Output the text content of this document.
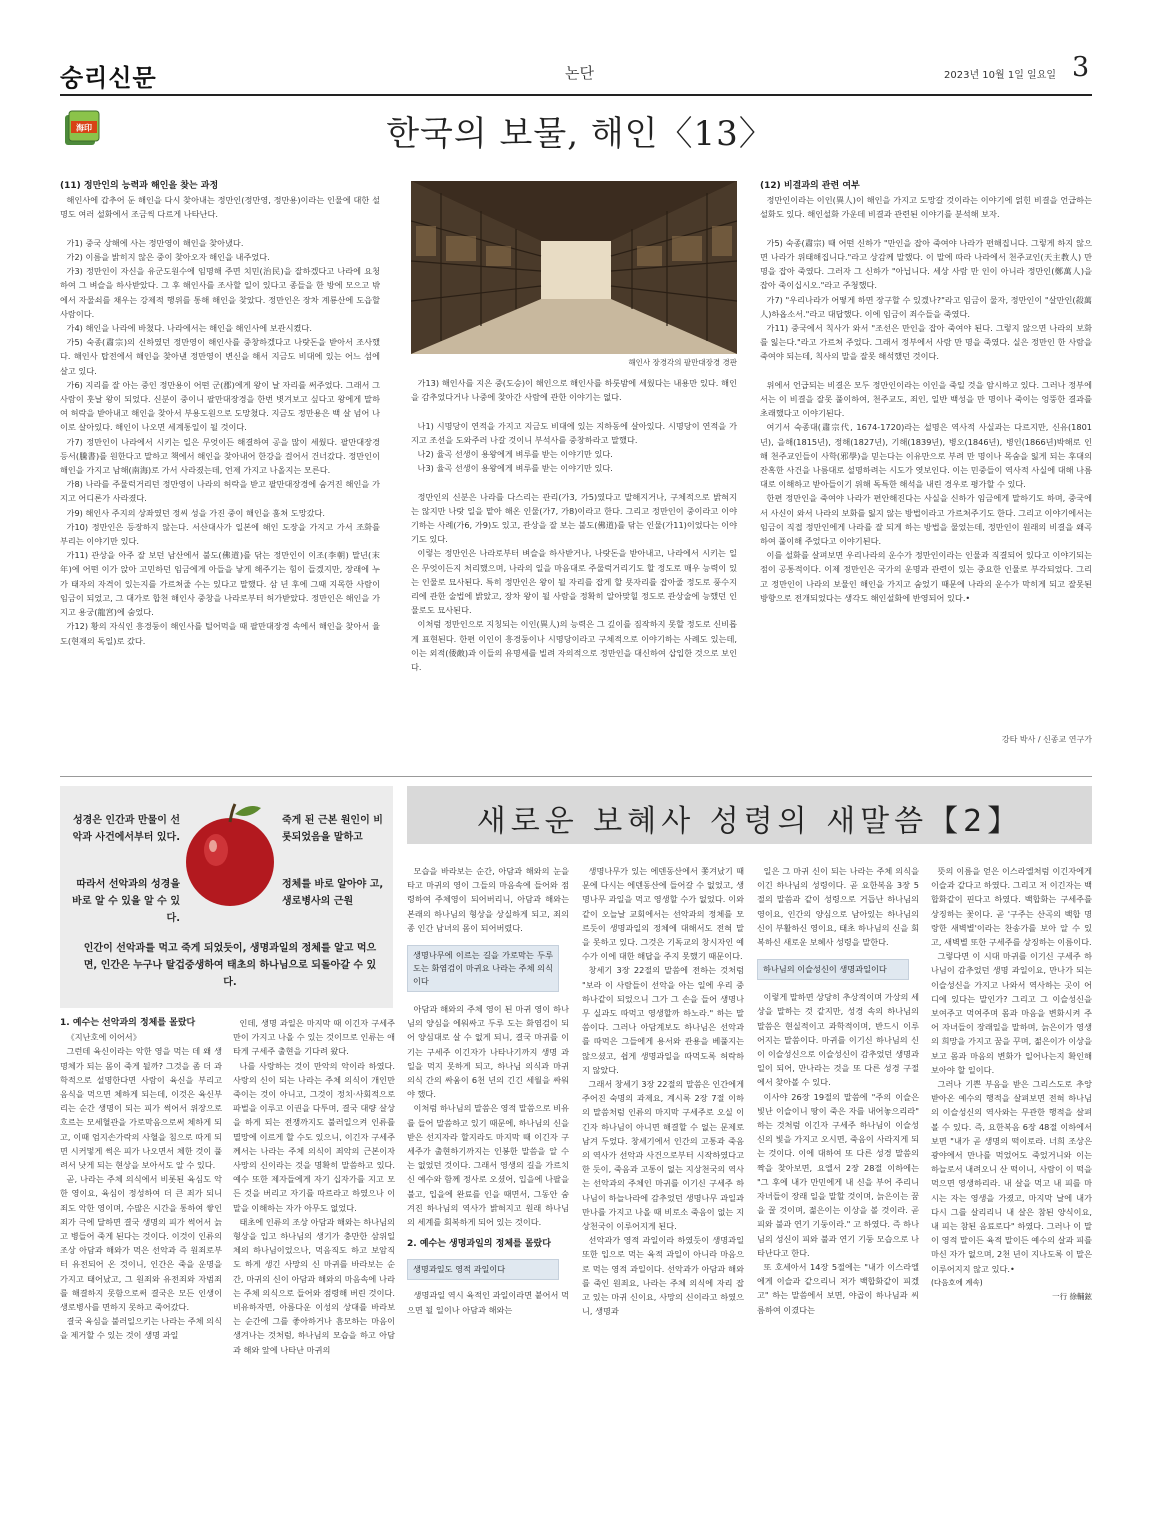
숭리신문	논단	2023년 10월 1일 일요일 3
海印	한국의 보물, 해인〈13〉

(11) 정만인의 능력과 해인을 찾는 과정

해인사에 갑추어 둔 해인을 다시 찾아내는 정만인(정만영, 정만용)이라는 인물에 대한 설명도 여러 설화에서 조금씩 다르게 나타난다.

가1) 중국 상해에 사는 정만영이 해인을 찾아냈다.

가2) 이름을 밝히지 않은 중이 찾아오자 해인을 내주었다.

가3) 정만인이 자신을 유군도원수에 임명해 주면 치민(治民)을 잘하겠다고 나라에 요청하여 그 벼슬을 하사받았다. 그 후 해인사를 조사할 일이 있다고 종들을 한 방에 모으고 밖에서 자물쇠를 채우는 강제적 행위를 통해 해인을 찾았다. 정만인은 장차 계룡산에 도읍할 사람이다.

가4) 해인을 나라에 바쳤다. 나라에서는 해인을 해인사에 보관시켰다.

가5) 숙종(肅宗)의 신하였던 정만영이 해인사를 중창하겠다고 나랏돈을 받아서 조사했다. 해인사 탑전에서 해인을 찾아낸 정만영이 변신을 해서 지금도 비대에 있는 어느 섬에 살고 있다.

가6) 지리를 잘 아는 중인 정만용이 어떤 군(郡)에게 왕이 날 자리를 써주었다. 그래서 그 사람이 훗날 왕이 되었다. 신분이 중이니 팔만대장경을 한번 볏겨보고 싶다고 왕에게 말하여 허락을 받아내고 해인을 찾아서 부용도원으로 도망쳤다. 지금도 정만용은 백 살 넘어 나이로 살아있다. 해인이 나오면 세계통일이 될 것이다.

가7) 정만인이 나라에서 시키는 일은 무엇이든 해결하여 공을 많이 세웠다. 팔만대장경 등서(騰書)를 원한다고 말하고 책에서 해인을 찾아내어 한강을 걸어서 건너갔다. 정만인이 해인을 가지고 남해(南海)로 가서 사라졌는데, 언제 가지고 나올지는 모른다.

가8) 나라를 주물럭거리던 정만영이 나라의 허락을 받고 팔만대장경에 숨겨진 해인을 가지고 어디론가 사라졌다.

가9) 해인사 주지의 상좌였던 정씨 성을 가진 중이 해인을 훔쳐 도망갔다.

가10) 정만인은 등장하지 않는다. 서산대사가 일본에 해인 도장을 가지고 가서 조화를 부리는 이야기만 있다.

가11) 관상을 아주 잘 보던 남산에서 불도(佛道)를 닦는 정만인이 이조(李朝) 말년(末年)에 어떤 이가 앉아 고민하던 임금에게 아들을 낳게 해주기는 힘이 들겠지만, 장래에 누가 태자의 자격이 있는지를 가르쳐줄 수는 있다고 말했다. 삼 년 후에 그때 지목한 사람이 임금이 되었고, 그 대가로 합천 해인사 중창을 나라로부터 허가받았다. 정만인은 해인을 가지고 용궁(龍宮)에 숨었다.

가12) 황의 자식인 흥경둥이 해인사를 털어먹을 때 팔만대장경 속에서 해인을 찾아서 율도(현재의 독일)로 갔다.

해인사 장경각의 팔만대장경 경판

가13) 해인사를 지은 중(도승)이 해인으로 해인사를 하룻밤에 세웠다는 내용만 있다. 해인을 감추었다거나 나중에 찾아간 사람에 관한 이야기는 없다.

나1) 시명당이 연적을 가지고 지금도 비대에 있는 지하동에 살아있다. 시명당이 연적을 가지고 조선을 도와주러 나갈 것이니 부석사를 중창하라고 말했다.

나2) 율곡 선생이 용왕에게 벼루를 받는 이야기만 있다.

나3) 율곡 선생이 용왕에게 벼루를 받는 이야기만 있다.

정만인의 신분은 나라를 다스리는 관리(가3, 가5)였다고 말해지거나, 구체적으로 밝혀지는 않지만 나랏 일을 맡아 해온 인물(가7, 가8)이라고 한다. 그리고 정만인이 중이라고 이야기하는 사례(가6, 가9)도 있고, 관상을 잘 보는 불도(佛道)를 닦는 인물(가11)이었다는 이야기도 있다.

이렇는 정만인은 나라로부터 벼슬을 하사받거나, 나랏돈을 받아내고, 나라에서 시키는 일은 무엇이든지 처리했으며, 나라의 일을 마음대로 주물럭거리기도 할 정도로 매우 능력이 있는 인물로 묘사된다. 특히 정만인은 왕이 될 자리를 잡게 할 묫자리를 잡아줄 정도로 풍수지리에 관한 술법에 밝았고, 장차 왕이 될 사람을 정확히 알아맞힐 정도로 관상술에 능했던 인물로도 묘사된다.

이처럼 정만인으로 지칭되는 이인(異人)의 능력은 그 깊이를 짐작하지 못할 정도로 신비롭게 표현된다. 한편 이인이 흥경둥이나 시명당이라고 구체적으로 이야기하는 사례도 있는데, 이는 외적(倭敵)과 이들의 유명세를 빌려 자의적으로 정만인을 대신하여 삽입한 것으로 보인다.

(12) 비결과의 관련 여부

정만인이라는 이인(異人)이 해인을 가지고 도망갈 것이라는 이야기에 얽힌 비결을 언급하는 설화도 있다. 해인설화 가운데 비결과 관련된 이야기를 분석해 보자.

가5) 숙종(肅宗) 때 어떤 신하가 "만인을 잡아 죽여야 나라가 편해집니다. 그렇게 하지 않으면 나라가 위태해집니다."라고 상감께 말했다. 이 말에 따라 나라에서 천주교인(天主教人) 만 명을 잡아 죽였다. 그러자 그 신하가 "아닙니다. 세상 사람 만 인이 아니라 정만인(鄭萬人)을 잡아 죽이십시오."라고 주청했다.

가7) "우리나라가 어떻게 하면 장구할 수 있겠나?"라고 임금이 물자, 정만인이 "살만인(殺萬人)하옵소서."라고 대답했다. 이에 임금이 죄수들을 죽였다.

가11) 중국에서 칙사가 와서 "조선은 만인을 잡아 죽여야 된다. 그렇지 않으면 나라의 보화를 잃는다."라고 가르쳐 주었다. 그래서 정부에서 사람 만 명을 죽였다. 실은 정만인 한 사람을 죽여야 되는데, 칙사의 말을 잘못 해석했던 것이다.

위에서 언급되는 비결은 모두 정만인이라는 이인을 죽일 것을 암시하고 있다. 그러나 정부에서는 이 비결을 잘못 풀이하여, 천주교도, 죄인, 일반 백성을 만 명이나 죽이는 엉뚱한 결과를 초래했다고 이야기된다.

여기서 숙종대(肅宗代, 1674-1720)라는 설명은 역사적 사실과는 다르지만, 신유(1801년), 을해(1815년), 정해(1827년), 기해(1839년), 병오(1846년), 병인(1866년)박해로 인해 천주교인들이 사학(邪學)을 믿는다는 이유만으로 부려 만 명이나 목숨을 잃게 되는 후대의 잔혹한 사건을 나름대로 설명하려는 시도가 엿보인다. 이는 민중들이 역사적 사실에 대해 나름대로 이해하고 받아들이기 위해 독특한 해석을 내린 경우로 평가할 수 있다.

한편 정만인을 죽여야 나라가 편안해진다는 사실을 신하가 임금에게 말하기도 하며, 중국에서 사신이 와서 나라의 보화를 잃지 않는 방법이라고 가르쳐주기도 한다. 그리고 이야기에서는 임금이 직접 정만인에게 나라를 잘 되게 하는 방법을 물었는데, 정만인이 원래의 비결을 왜곡하여 풀이해 주었다고 이야기된다.

이를 설화를 살펴보면 우리나라의 운수가 정만인이라는 인물과 직결되어 있다고 이야기되는 점이 공통적이다. 이제 정만인은 국가의 운명과 관련이 있는 중요한 인물로 부각되었다. 그리고 정만인이 나라의 보물인 해인을 가지고 숨었기 때문에 나라의 운수가 막히게 되고 잘못된 방향으로 전개되었다는 생각도 해인설화에 반영되어 있다.•

강타 박사 / 신종교 연구가
성경은 인간과 만물이 선악과 사건에서부터 있다.
죽게 된 근본 원인이 비롯되었음을 말하고
따라서 선악과의 성경을 바로 알 수 있을 알 수 있다.
정체를 바로 알아야 고, 생로병사의 근원
인간이 선악과를 먹고 죽게 되었듯이, 생명과일의 정체를 알고 먹으면, 인간은 누구나 탈겁중생하여 태초의 하나님으로 되돌아갈 수 있다.
새로운 보혜사 성령의 새말씀【2】

1. 예수는 선악과의 정체를 몰랐다

《지난호에 이어서》

그런데 육신이라는 악한 영을 먹는 데 왜 생명체가 되는 몸이 죽게 될까? 그것을 좀 더 과학적으로 설명한다면 사람이 육신을 부리고 음식을 먹으면 체하게 되는데, 이것은 육신부리는 순간 생명이 되는 피가 썩어서 위장으로 흐르는 모세혈관을 가로막음으로써 체하게 되고, 이때 엄지손가락의 사혈을 침으로 따게 되면 시커멓게 썩은 피가 나오면서 체한 것이 풀려서 낫게 되는 현상을 보아서도 알 수 있다.

곧, 나라는 주체 의식에서 비롯된 육심도 악한 영이요, 육심이 정성하여 더 큰 죄가 되니 죄도 악한 영이며, 수많은 시간을 통하여 쌓인 죄가 극에 달하면 결국 생명의 피가 썩어서 늙고 병들어 죽게 된다는 것이다. 이것이 인류의 조상 아담과 해와가 먹은 선악과 즉 원죄로부터 유전되어 온 것이니, 인간은 죽을 운명을 가지고 태어났고, 그 원죄와 유전죄와 자범죄를 해결하지 못함으로써 결국은 모든 인생이 생로병사를 면하지 못하고 죽어갔다.

결국 육심을 불러일으키는 나라는 주체 의식을 제거할 수 있는 것이 생명 과일

인데, 생명 과일은 마지막 때 이긴자 구세주만이 가지고 나올 수 있는 것이므로 인류는 애타게 구세주 출현을 기다려 왔다.

나를 사랑하는 것이 만악의 악이라 하였다. 사랑의 신이 되는 나라는 주체 의식이 개인만 죽이는 것이 아니고, 그것이 정치·사회적으로 파벌을 이루고 이권을 다투며, 결국 대량 살상을 하게 되는 전쟁까지도 불러일으켜 인류를 멸망에 이르게 할 수도 있으니, 이긴자 구세주께서는 나라는 주체 의식이 죄악의 근본이자 사망의 신이라는 것을 명확히 말씀하고 있다. 예수 또한 제자들에게 자기 십자가를 지고 모든 것을 버리고 자기를 따르라고 하였으나 이 말을 이해하는 자가 아무도 없었다.

태초에 인류의 조상 아담과 해와는 하나님의 형상을 입고 하나님의 생기가 충만한 삼위일체의 하나님이었으나, 먹음직도 하고 보암직도 하게 생긴 사망의 신 마귀를 바라보는 순간, 마귀의 신이 아담과 해와의 마음속에 나라는 주체 의식으로 들어와 점령해 버린 것이다. 비유하자면, 아름다운 이성의 상대를 바라보는 순간에 그를 좋아하거나 흠모하는 마음이 생겨나는 것처럼, 하나님의 모습을 하고 아담과 해와 앞에 나타난 마귀의

모습을 바라보는 순간, 아담과 해와의 눈을 타고 마귀의 영이 그들의 마음속에 들어와 점령하여 주체영이 되어버리니, 아담과 해와는 본래의 하나님의 형상을 상실하게 되고, 죄의 종 인간 남녀의 몸이 되어버렸다.

생명나무에 이르는 길을 가로막는 두루 도는 화염검이 마귀요 나라는 주체 의식이다

아담과 해와의 주체 영이 된 마귀 영이 하나님의 양심을 에워싸고 두루 도는 화염검이 되어 양심대로 살 수 없게 되니, 결국 마귀를 이기는 구세주 이긴자가 나타나기까지 생명 과일을 먹지 못하게 되고, 하나님 의식과 마귀 의식 간의 싸움이 6천 년의 긴긴 세월을 싸워야 했다.

이처럼 하나님의 말씀은 영적 말씀으로 비유를 들어 말씀하고 있기 때문에, 하나님의 신을 받은 선지자라 할지라도 마지막 때 이긴자 구세주가 출현하기까지는 인봉한 말씀을 알 수는 없었던 것이다. 그래서 영생의 길을 가르치신 예수와 함께 정사로 오셨어, 입을에 나팔을 불고, 입을에 완료를 인을 때면서, 그동안 숨겨진 하나님의 역사가 밝혀지고 원래 하나님의 세계를 회복하게 되어 있는 것이다.

2. 예수는 생명과일의 정체를 몰랐다

생명과일도 영적 과일이다

생명과일 역시 육적인 과일이라면 붙어서 먹으면 될 일이나 아담과 해와는

생명나무가 있는 에덴동산에서 쫓겨났기 때문에 다시는 에덴동산에 들어갈 수 없었고, 생명나무 과일을 먹고 영생할 수가 없었다. 이와 같이 오늘날 교회에서는 선악과의 정체를 모르듯이 생명과일의 정체에 대해서도 전혀 말을 못하고 있다. 그것은 기독교의 창시자인 예수가 이에 대한 해답을 주지 못했기 때문이다.

창세기 3장 22절의 말씀에 전하는 것처럼 "보라 이 사람들이 선악을 아는 일에 우리 중 하나같이 되었으니 그가 그 손을 들어 생명나무 실과도 따먹고 영생할까 하노라." 하는 말씀이다. 그러나 아담계보도 하나님은 선악과를 따먹은 그들에게 용서와 관용을 베풀지는 않으셨고, 쉽게 생명과일을 따먹도록 허락하지 않았다.

그래서 창세기 3장 22절의 말씀은 인간에게 주어진 숙명의 과제요, 계시록 2장 7절 이하의 말씀처럼 인류의 마지막 구세주로 오실 이긴자 하나님이 아니면 해결할 수 없는 문제로 남겨 두었다. 창세기에서 인간의 고통과 죽음의 역사가 선악과 사건으로부터 시작하였다고 한 듯이, 죽음과 고통이 없는 지상천국의 역사는 선악과의 주체인 마귀를 이기신 구세주 하나님이 하늘나라에 감추었던 생명나무 과일과 만나를 가지고 나올 때 비로소 죽음이 없는 지상천국이 이루어지게 된다.

선악과가 영적 과일이라 하였듯이 생명과일 또한 입으로 먹는 육적 과일이 아니라 마음으로 먹는 영적 과일이다. 선악과가 아담과 해와를 죽인 원죄요, 나라는 주체 의식에 자리 잡고 있는 마귀 신이요, 사망의 신이라고 하였으니, 생명과

일은 그 마귀 신이 되는 나라는 주체 의식을 이긴 하나님의 성령이다. 곧 요한복음 3장 5절의 말씀과 같이 성령으로 거듭난 하나님의 영이요, 인간의 양심으로 남아있는 하나님의 신이 부활하신 영이요, 태초 하나님의 신을 회복하신 새로운 보혜사 성령을 말한다.

하나님의 이슬성신이 생명과일이다

이렇게 말하면 상당히 추상적이며 가상의 세상을 말하는 것 같지만, 성경 속의 하나님의 말씀은 현실적이고 과학적이며, 반드시 이루어지는 말씀이다. 마귀를 이기신 하나님의 신이 이슬성신으로 이슬성신이 감추었던 생명과일이 되어, 만나라는 것을 또 다른 성경 구절에서 찾아볼 수 있다.

이사야 26장 19절의 말씀에 "주의 이슬은 빛난 이슬이니 땅이 죽은 자를 내어놓으리라" 하는 것처럼 이긴자 구세주 하나님이 이슬성신의 빛을 가지고 오시면, 죽음이 사라지게 되는 것이다. 이에 대하여 또 다른 성경 말씀의 짝을 찾아보면, 요엘서 2장 28절 이하에는 "그 후에 내가 만민에게 내 신을 부어 주리니 자녀들이 장래 일을 말할 것이며, 늙은이는 꿈을 꿀 것이며, 젊은이는 이상을 볼 것이라. 곧 피와 불과 연기 기둥이라." 고 하였다. 즉 하나님의 성신이 피와 불과 연기 기둥 모습으로 나타난다고 한다.

또 호세아서 14장 5절에는 "내가 이스라엘에게 이슬과 같으리니 저가 백합화같이 피겠고" 하는 말씀에서 보면, 야곱이 하나님과 씨름하여 이겼다는

뜻의 이름을 얻은 이스라엘처럼 이긴자에게 이슬과 같다고 하였다. 그리고 저 이긴자는 백합화같이 핀다고 하였다. 백합화는 구세주를 상징하는 꽃이다. 곧 '구주는 산곡의 백합 명랑한 새벽별'이라는 찬송가를 보아 알 수 있고, 새벽별 또한 구세주를 상징하는 이름이다.

그렇다면 이 시대 마귀를 이기신 구세주 하나님이 감추었던 생명 과일이요, 만나가 되는 이슬성신을 가지고 나와서 역사하는 곳이 어디에 있다는 말인가? 그리고 그 이슬성신을 보여주고 먹여주며 몸과 마음을 변화시켜 주어 자녀들이 장래일을 말하며, 늙은이가 영생의 희망을 가지고 꿈을 꾸며, 젊은이가 이상을 보고 몸과 마음의 변화가 일어나는지 확인해 보아야 할 일이다.

그러나 기쁜 부음을 받은 그리스도로 추앙받아온 예수의 행적을 살펴보면 전혀 하나님의 이슬성신의 역사와는 무관한 행적을 살펴볼 수 있다. 즉, 요한복음 6장 48절 이하에서 보면 "내가 곧 생명의 떡이로라. 너희 조상은 광야에서 만나를 먹었어도 죽었거니와 이는 하늘로서 내려오니 산 떡이니, 사람이 이 떡을 먹으면 영생하리라. 내 살을 먹고 내 피를 마시는 자는 영생을 가졌고, 마지막 날에 내가 다시 그를 살리리니 내 살은 참된 양식이요, 내 피는 참된 음료로다" 하였다. 그러나 이 말이 영적 말이든 육적 말이든 예수의 살과 피를 마신 자가 없으며, 2천 년이 지나도록 이 말은 이루어지지 않고 있다.•

(다음호에 계속)
一行 徐輔鉉
